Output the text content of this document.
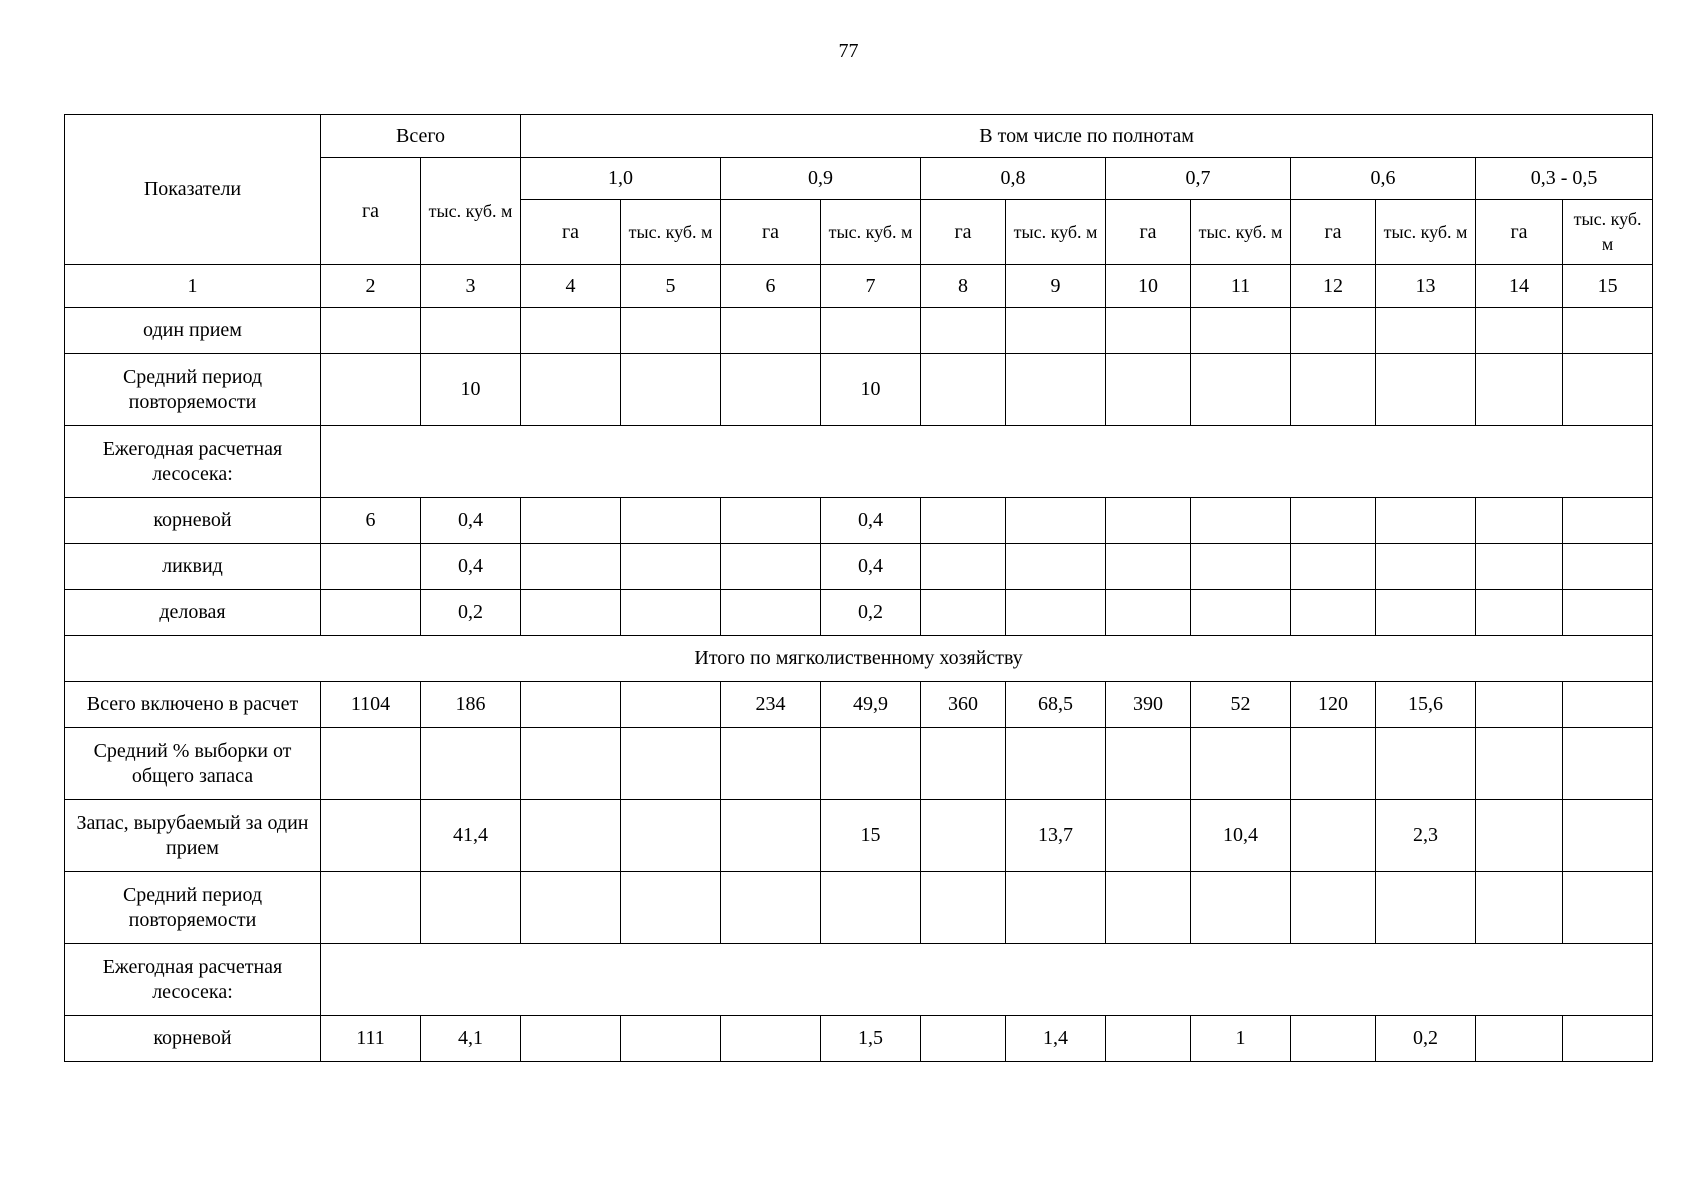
77
Показатели	Всего		В том числе по полнотам											
	га	тыс. куб. м	1,0		0,9		0,8		0,7		0,6		0,3 - 0,5	
			га	тыс. куб. м	га	тыс. куб. м	га	тыс. куб. м	га	тыс. куб. м	га	тыс. куб. м	га	тыс. куб. м
1	2	3	4	5	6	7	8	9	10	11	12	13	14	15
один прием														
Средний период повторяемости		10				10								
Ежегодная расчетная лесосека:														
корневой	6	0,4				0,4								
ликвид		0,4				0,4								
деловая		0,2				0,2								
Итого по мягколиственному хозяйству														
Всего включено в расчет	1104	186			234	49,9	360	68,5	390	52	120	15,6		
Средний % выборки от общего запаса														
Запас, вырубаемый за один прием		41,4				15		13,7		10,4		2,3		
Средний период повторяемости														
Ежегодная расчетная лесосека:														
корневой	111	4,1				1,5		1,4		1		0,2		
